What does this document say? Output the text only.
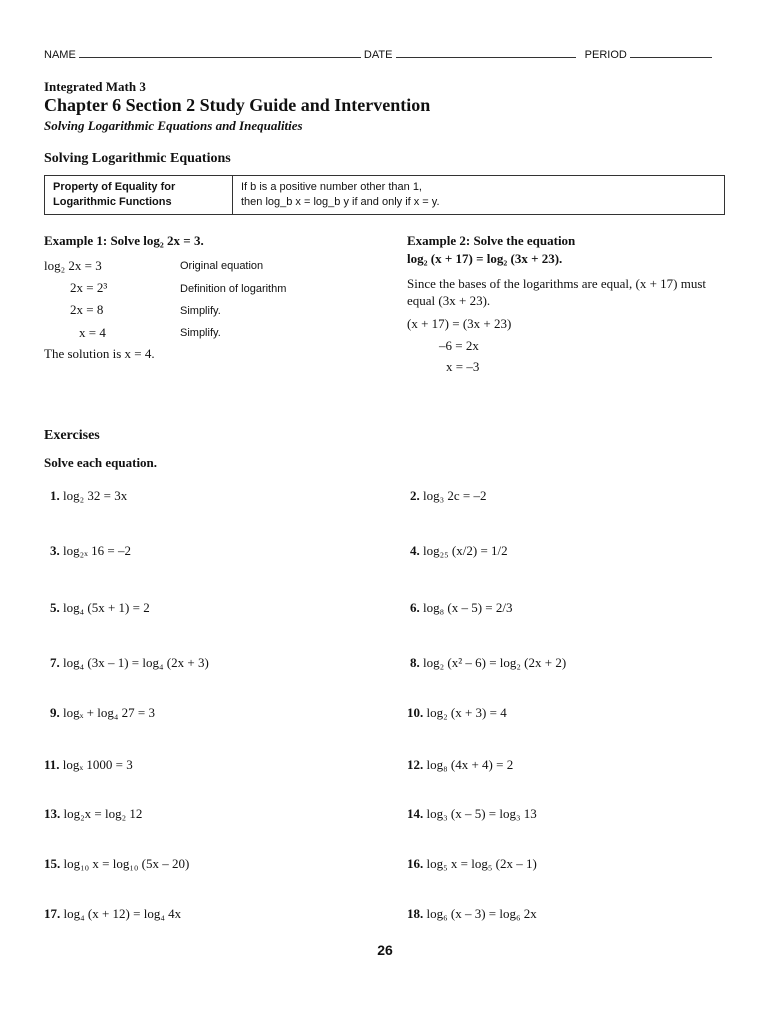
NAME	DATE	PERIOD
Integrated Math 3
Chapter 6 Section 2 Study Guide and Intervention
Solving Logarithmic Equations and Inequalities
Solving Logarithmic Equations
Property of Equality for
Logarithmic Functions
If b is a positive number other than 1,
then log_b x = log_b y if and only if x = y.
Example 1: Solve log₂ 2x = 3.
log₂ 2x = 3	Original equation
2x = 2³	Definition of logarithm
2x = 8	Simplify.
x = 4	Simplify.
The solution is x = 4.
Example 2: Solve the equation
log₂ (x + 17) = log₂ (3x + 23).
Since the bases of the logarithms are equal, (x + 17) must equal (3x + 23).
(x + 17) = (3x + 23)
–6 = 2x
x = –3
Exercises
Solve each equation.
1. log₂ 32 = 3x	2. log₃ 2c = –2
3. log₂ₓ 16 = –2	4. log₂₅ (x/2) = 1/2
5. log₄ (5x + 1) = 2	6. log₈ (x – 5) = 2/3
7. log₄ (3x – 1) = log₄ (2x + 3)	8. log₂ (x² – 6) = log₂ (2x + 2)
9. logₓ + log₄ 27 = 3	10. log₂ (x + 3) = 4
11. logₓ 1000 = 3	12. log₈ (4x + 4) = 2
13. log₂x = log₂ 12	14. log₃ (x – 5) = log₃ 13
15. log₁₀ x = log₁₀ (5x – 20)	16. log₅ x = log₅ (2x – 1)
17. log₄ (x + 12) = log₄ 4x	18. log₆ (x – 3) = log₆ 2x
26
